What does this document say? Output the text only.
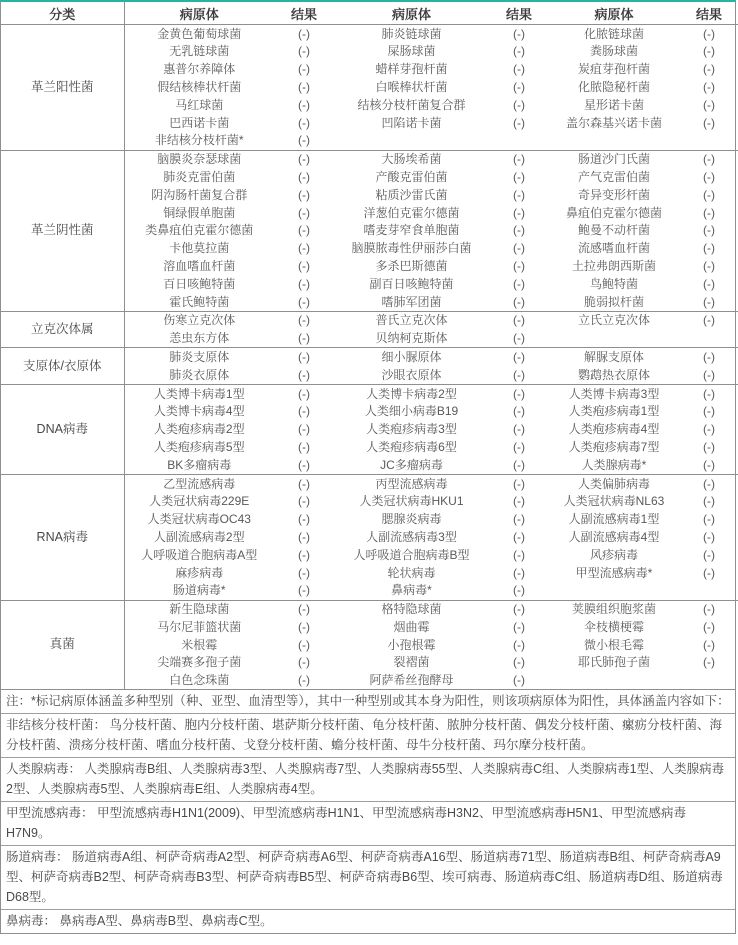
分类	病原体	结果	病原体	结果	病原体	结果
革兰阳性菌	金黄色葡萄球菌	(-)	肺炎链球菌	(-)	化脓链球菌	(-)
	无乳链球菌	(-)	屎肠球菌	(-)	粪肠球菌	(-)
	惠普尔养障体	(-)	蜡样芽孢杆菌	(-)	炭疽芽孢杆菌	(-)
	假结核棒状杆菌	(-)	白喉棒状杆菌	(-)	化脓隐秘杆菌	(-)
	马红球菌	(-)	结核分枝杆菌复合群	(-)	星形诺卡菌	(-)
	巴西诺卡菌	(-)	凹陷诺卡菌	(-)	盖尔森基兴诺卡菌	(-)
	非结核分枝杆菌*	(-)				
革兰阴性菌	脑膜炎奈瑟球菌	(-)	大肠埃希菌	(-)	肠道沙门氏菌	(-)
	肺炎克雷伯菌	(-)	产酸克雷伯菌	(-)	产气克雷伯菌	(-)
	阴沟肠杆菌复合群	(-)	粘质沙雷氏菌	(-)	奇异变形杆菌	(-)
	铜绿假单胞菌	(-)	洋葱伯克霍尔德菌	(-)	鼻疽伯克霍尔德菌	(-)
	类鼻疽伯克霍尔德菌	(-)	嗜麦芽窄食单胞菌	(-)	鲍曼不动杆菌	(-)
	卡他莫拉菌	(-)	脑膜脓毒性伊丽莎白菌	(-)	流感嗜血杆菌	(-)
	溶血嗜血杆菌	(-)	多杀巴斯德菌	(-)	土拉弗朗西斯菌	(-)
	百日咳鲍特菌	(-)	副百日咳鲍特菌	(-)	鸟鲍特菌	(-)
	霍氏鲍特菌	(-)	嗜肺军团菌	(-)	脆弱拟杆菌	(-)
立克次体属	伤寒立克次体	(-)	普氏立克次体	(-)	立氏立克次体	(-)
	恙虫东方体	(-)	贝纳柯克斯体	(-)		
支原体/衣原体	肺炎支原体	(-)	细小脲原体	(-)	解脲支原体	(-)
	肺炎衣原体	(-)	沙眼衣原体	(-)	鹦鹉热衣原体	(-)
DNA病毒	人类博卡病毒1型	(-)	人类博卡病毒2型	(-)	人类博卡病毒3型	(-)
	人类博卡病毒4型	(-)	人类细小病毒B19	(-)	人类疱疹病毒1型	(-)
	人类疱疹病毒2型	(-)	人类疱疹病毒3型	(-)	人类疱疹病毒4型	(-)
	人类疱疹病毒5型	(-)	人类疱疹病毒6型	(-)	人类疱疹病毒7型	(-)
	BK多瘤病毒	(-)	JC多瘤病毒	(-)	人类腺病毒*	(-)
RNA病毒	乙型流感病毒	(-)	丙型流感病毒	(-)	人类偏肺病毒	(-)
	人类冠状病毒229E	(-)	人类冠状病毒HKU1	(-)	人类冠状病毒NL63	(-)
	人类冠状病毒OC43	(-)	腮腺炎病毒	(-)	人副流感病毒1型	(-)
	人副流感病毒2型	(-)	人副流感病毒3型	(-)	人副流感病毒4型	(-)
	人呼吸道合胞病毒A型	(-)	人呼吸道合胞病毒B型	(-)	风疹病毒	(-)
	麻疹病毒	(-)	轮状病毒	(-)	甲型流感病毒*	(-)
	肠道病毒*	(-)	鼻病毒*	(-)		
真菌	新生隐球菌	(-)	格特隐球菌	(-)	荚膜组织胞浆菌	(-)
	马尔尼菲篮状菌	(-)	烟曲霉	(-)	伞枝横梗霉	(-)
	米根霉	(-)	小孢根霉	(-)	微小根毛霉	(-)
	尖端赛多孢子菌	(-)	裂褶菌	(-)	耶氏肺孢子菌	(-)
	白色念珠菌	(-)	阿萨希丝孢酵母	(-)		
注：*标记病原体涵盖多种型别（种、亚型、血清型等），其中一种型别或其本身为阳性，则该项病原体为阳性，具体涵盖内容如下：
非结核分枝杆菌： 鸟分枝杆菌、胞内分枝杆菌、堪萨斯分枝杆菌、龟分枝杆菌、脓肿分枝杆菌、偶发分枝杆菌、瘰疬分枝杆菌、海分枝杆菌、溃疡分枝杆菌、嗜血分枝杆菌、戈登分枝杆菌、蟾分枝杆菌、母牛分枝杆菌、玛尔摩分枝杆菌。
人类腺病毒： 人类腺病毒B组、人类腺病毒3型、人类腺病毒7型、人类腺病毒55型、人类腺病毒C组、人类腺病毒1型、人类腺病毒2型、人类腺病毒5型、人类腺病毒E组、人类腺病毒4型。
甲型流感病毒： 甲型流感病毒H1N1(2009)、甲型流感病毒H1N1、甲型流感病毒H3N2、甲型流感病毒H5N1、甲型流感病毒H7N9。
肠道病毒： 肠道病毒A组、柯萨奇病毒A2型、柯萨奇病毒A6型、柯萨奇病毒A16型、肠道病毒71型、肠道病毒B组、柯萨奇病毒A9型、柯萨奇病毒B2型、柯萨奇病毒B3型、柯萨奇病毒B5型、柯萨奇病毒B6型、埃可病毒、肠道病毒C组、肠道病毒D组、肠道病毒D68型。
鼻病毒： 鼻病毒A型、鼻病毒B型、鼻病毒C型。
